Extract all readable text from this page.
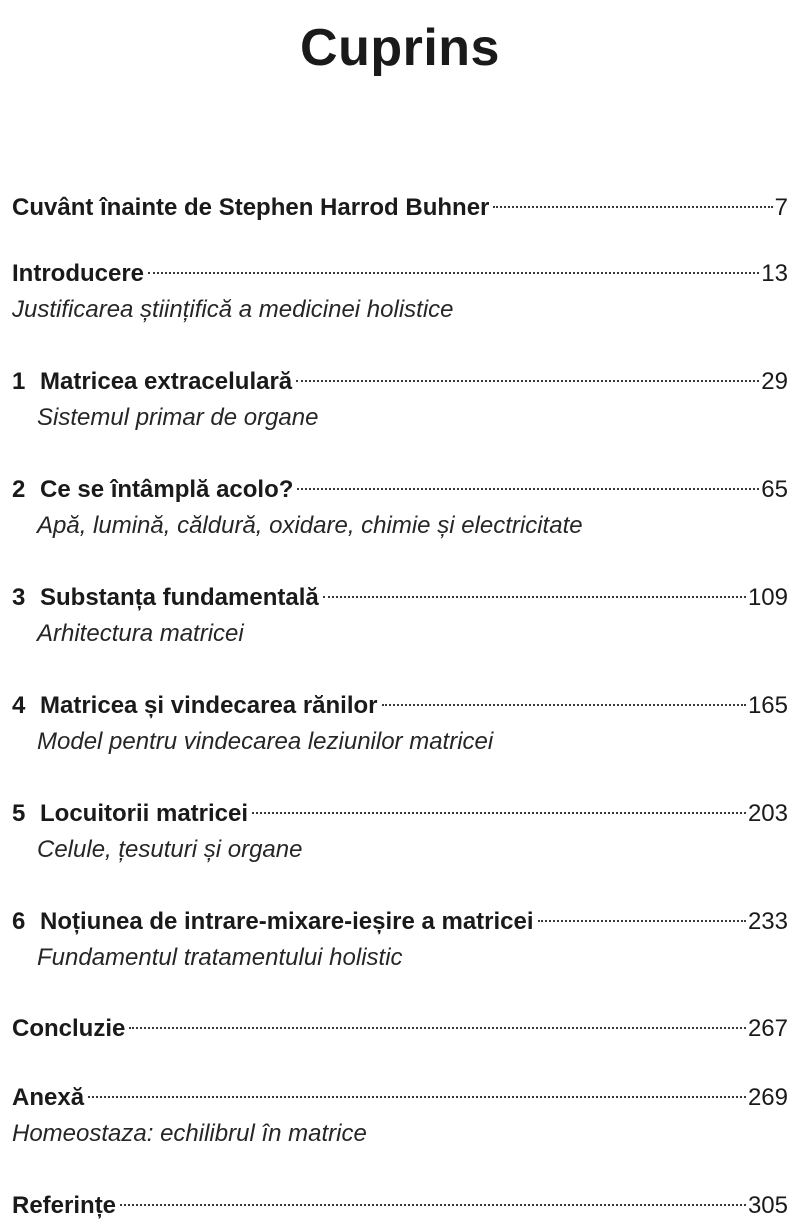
Cuprins
Cuvânt înainte de Stephen Harrod Buhner	7
Introducere	13
Justificarea științifică a medicinei holistice
1 Matricea extracelulară	29
Sistemul primar de organe
2 Ce se întâmplă acolo?	65
Apă, lumină, căldură, oxidare, chimie și electricitate
3 Substanța fundamentală	109
Arhitectura matricei
4 Matricea și vindecarea rănilor	165
Model pentru vindecarea leziunilor matricei
5 Locuitorii matricei	203
Celule, țesuturi și organe
6 Noțiunea de intrare-mixare-ieșire a matricei	233
Fundamentul tratamentului holistic
Concluzie	267
Anexă	269
Homeostaza: echilibrul în matrice
Referințe	305
